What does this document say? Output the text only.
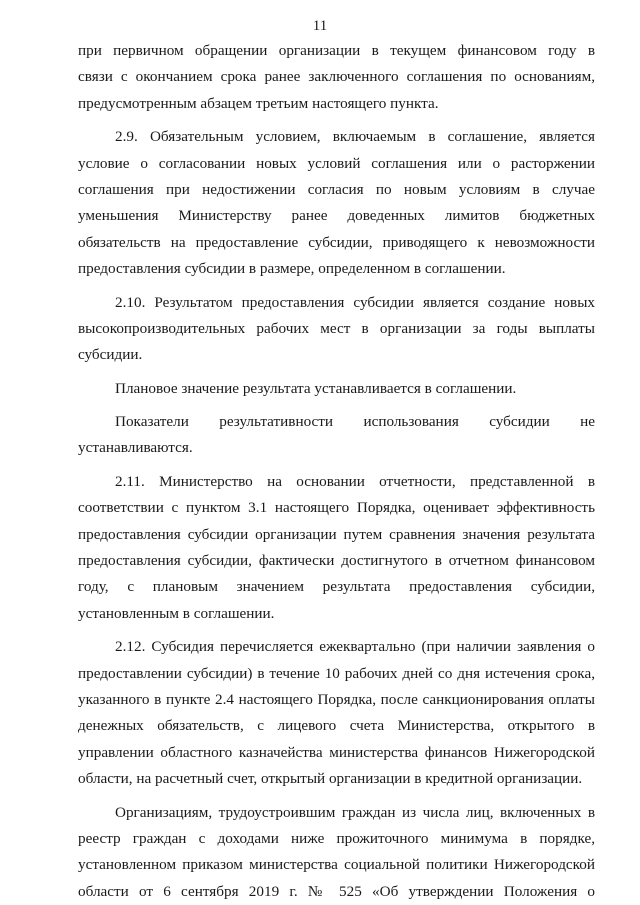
11
при первичном обращении организации в текущем финансовом году в
связи с окончанием срока ранее заключенного соглашения по основаниям,
предусмотренным абзацем третьим настоящего пункта.
2.9. Обязательным условием, включаемым в соглашение, является
условие о согласовании новых условий соглашения или о расторжении
соглашения при недостижении согласия по новым условиям в случае
уменьшения Министерству ранее доведенных лимитов бюджетных
обязательств на предоставление субсидии, приводящего к невозможности
предоставления субсидии в размере, определенном в соглашении.
2.10. Результатом предоставления субсидии является создание новых
высокопроизводительных рабочих мест в организации за годы выплаты
субсидии.
Плановое значение результата устанавливается в соглашении.
Показатели результативности использования субсидии не
устанавливаются.
2.11. Министерство на основании отчетности, представленной в
соответствии с пунктом 3.1 настоящего Порядка, оценивает эффективность
предоставления субсидии организации путем сравнения значения результата
предоставления субсидии, фактически достигнутого в отчетном финансовом
году, с плановым значением результата предоставления субсидии,
установленным в соглашении.
2.12. Субсидия перечисляется ежеквартально (при наличии заявления о
предоставлении субсидии) в течение 10 рабочих дней со дня истечения срока,
указанного в пункте 2.4 настоящего Порядка, после санкционирования оплаты
денежных обязательств, с лицевого счета Министерства, открытого в
управлении областного казначейства министерства финансов Нижегородской
области, на расчетный счет, открытый организации в кредитной организации.
Организациям, трудоустроившим граждан из числа лиц, включенных в
реестр граждан с доходами ниже прожиточного минимума в порядке,
установленном приказом министерства социальной политики Нижегородской
области от 6 сентября 2019 г. № 525 «Об утверждении Положения о
